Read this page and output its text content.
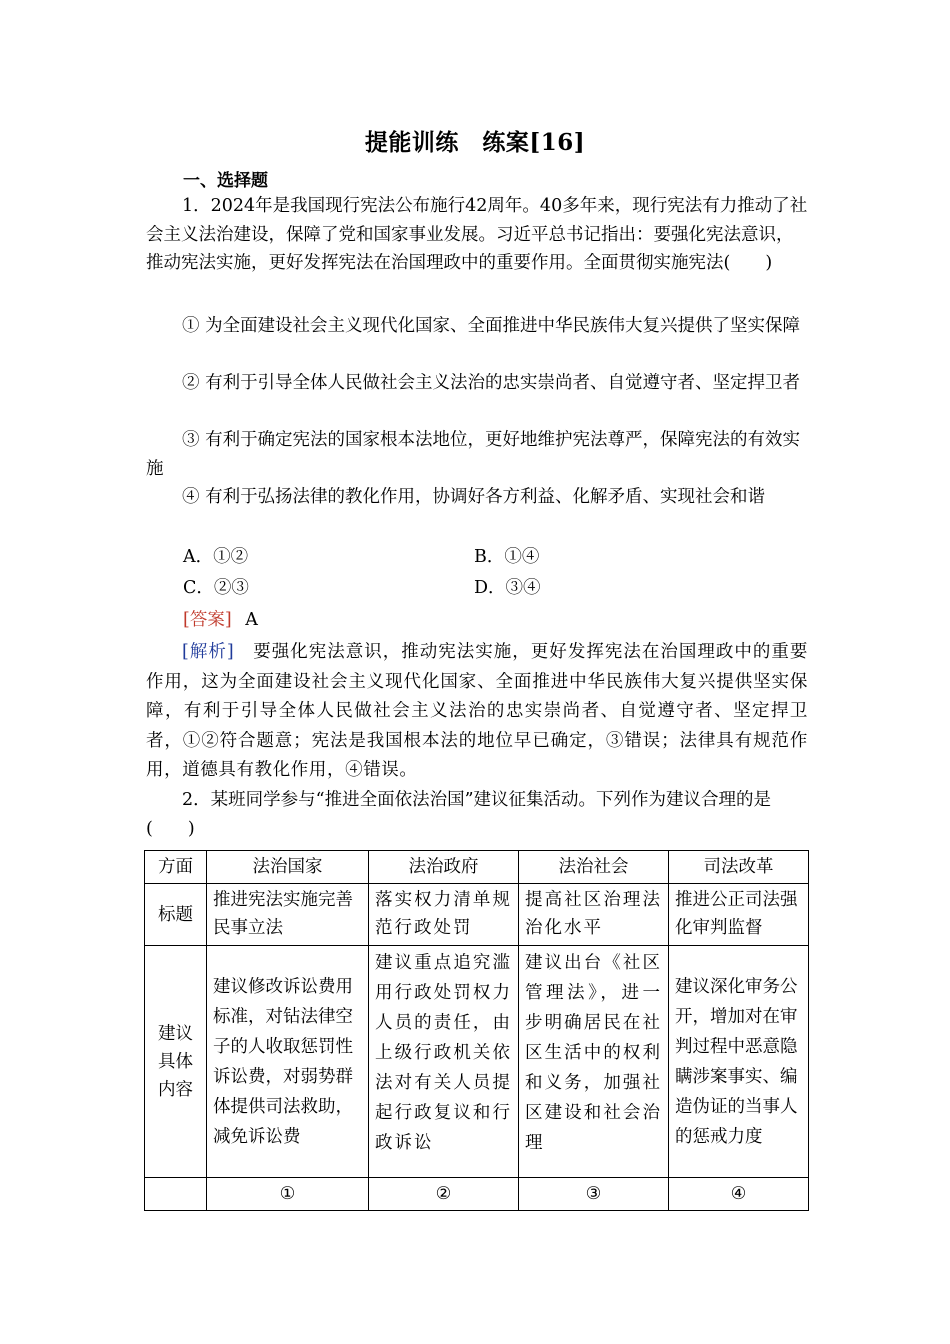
提能训练　练案[16]
一、选择题
1．2024年是我国现行宪法公布施行42周年。40多年来，现行宪法有力推动了社会主义法治建设，保障了党和国家事业发展。习近平总书记指出：要强化宪法意识，推动宪法实施，更好发挥宪法在治国理政中的重要作用。全面贯彻实施宪法(　　)
① 为全面建设社会主义现代化国家、全面推进中华民族伟大复兴提供了坚实保障
② 有利于引导全体人民做社会主义法治的忠实崇尚者、自觉遵守者、坚定捍卫者
③ 有利于确定宪法的国家根本法地位，更好地维护宪法尊严，保障宪法的有效实施
④ 有利于弘扬法律的教化作用，协调好各方利益、化解矛盾、实现社会和谐
A．①②	B．①④
C．②③	D．③④
[答案] A
[解析]　 要强化宪法意识，推动宪法实施，更好发挥宪法在治国理政中的重要作用，这为全面建设社会主义现代化国家、全面推进中华民族伟大复兴提供坚实保障，有利于引导全体人民做社会主义法治的忠实崇尚者、自觉遵守者、坚定捍卫者，①②符合题意；宪法是我国根本法的地位早已确定，③错误；法律具有规范作用，道德具有教化作用，④错误。
2．某班同学参与“推进全面依法治国”建议征集活动。下列作为建议合理的是(　　)
方面	法治国家	法治政府	法治社会	司法改革
标题	推进宪法实施完善民事立法	落实权力清单规范行政处罚	提高社区治理法治化水平	推进公正司法强化审判监督
建议具体内容	建议修改诉讼费用标准，对钻法律空子的人收取惩罚性诉讼费，对弱势群体提供司法救助，减免诉讼费	建议重点追究滥用行政处罚权力人员的责任，由上级行政机关依法对有关人员提起行政复议和行政诉讼	建议出台《社区管理法》，进一步明确居民在社区生活中的权利和义务，加强社区建设和社会治理	建议深化审务公开，增加对在审判过程中恶意隐瞒涉案事实、编造伪证的当事人的惩戒力度
	①	②	③	④
